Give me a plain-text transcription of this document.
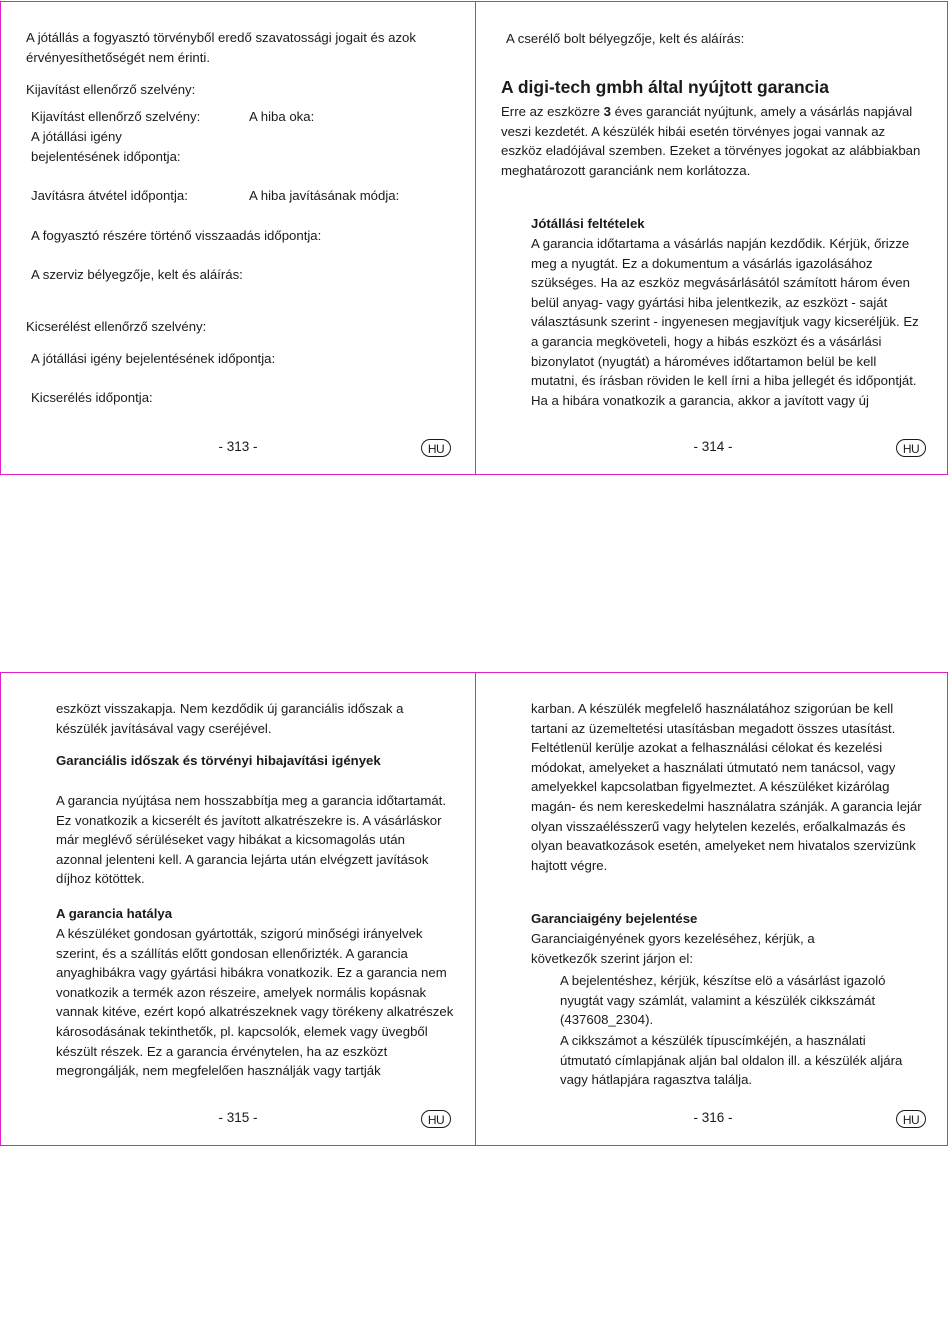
A jótállás a fogyasztó törvényből eredő szavatossági jogait és azok érvényesíthetőségét nem érinti.

Kijavítást ellenőrző szelvény:

Kijavítást ellenőrző szelvény:	A hiba oka:

A jótállási igény

bejelentésének időpontja:

Javításra átvétel időpontja:	A hiba javításának módja:

A fogyasztó részére történő visszaadás időpontja:

A szerviz bélyegzője, kelt és aláírás:

Kicserélést ellenőrző szelvény:

A jótállási igény bejelentésének időpontja:

Kicserélés időpontja:

- 313 -	HU

A cserélő bolt bélyegzője, kelt és aláírás:

A digi-tech gmbh által nyújtott garancia

Erre az eszközre 3 éves garanciát nyújtunk, amely a vásárlás napjával veszi kezdetét. A készülék hibái esetén törvényes jogai vannak az eszköz eladójával szemben. Ezeket a törvényes jogokat az alábbiakban meghatározott garanciánk nem korlátozza.

Jótállási feltételek

A garancia időtartama a vásárlás napján kezdődik. Kérjük, őrizze meg a nyugtát. Ez a dokumentum a vásárlás igazolásához szükséges. Ha az eszköz megvásárlásától számított három éven belül anyag- vagy gyártási hiba jelentkezik, az eszközt - saját választásunk szerint - ingyenesen megjavítjuk vagy kicseréljük. Ez a garancia megköveteli, hogy a hibás eszközt és a vásárlási bizonylatot (nyugtát) a hároméves időtartamon belül be kell mutatni, és írásban röviden le kell írni a hiba jellegét és időpontját. Ha a hibára vonatkozik a garancia, akkor a javított vagy új

- 314 -	HU

eszközt visszakapja. Nem kezdődik új garanciális időszak a készülék javításával vagy cseréjével.

Garanciális időszak és törvényi hibajavítási igények

A garancia nyújtása nem hosszabbítja meg a garancia időtartamát. Ez vonatkozik a kicserélt és javított alkatrészekre is. A vásárláskor már meglévő sérüléseket vagy hibákat a kicsomagolás után azonnal jelenteni kell. A garancia lejárta után elvégzett javítások díjhoz kötöttek.

A garancia hatálya

A készüléket gondosan gyártották, szigorú minőségi irányelvek szerint, és a szállítás előtt gondosan ellenőrizték. A garancia anyaghibákra vagy gyártási hibákra vonatkozik. Ez a garancia nem vonatkozik a termék azon részeire, amelyek normális kopásnak vannak kitéve, ezért kopó alkatrészeknek vagy törékeny alkatrészek károsodásának tekinthetők, pl. kapcsolók, elemek vagy üvegből készült részek. Ez a garancia érvénytelen, ha az eszközt megrongálják, nem megfelelően használják vagy tartják

- 315 -	HU

karban. A készülék megfelelő használatához szigorúan be kell tartani az üzemeltetési utasításban megadott összes utasítást. Feltétlenül kerülje azokat a felhasználási célokat és kezelési módokat, amelyeket a használati útmutató nem tanácsol, vagy amelyekkel kapcsolatban figyelmeztet. A készüléket kizárólag magán- és nem kereskedelmi használatra szánják. A garancia lejár olyan visszaélésszerű vagy helytelen kezelés, erőalkalmazás és olyan beavatkozások esetén, amelyeket nem hivatalos szervizünk hajtott végre.

Garanciaigény bejelentése

Garanciaigényének gyors kezeléséhez, kérjük, a következők szerint járjon el:

A bejelentéshez, kérjük, készítse elö a vásárlást igazoló nyugtát vagy számlát, valamint a készülék cikkszámát (437608_2304).

A cikkszámot a készülék típuscímkéjén, a használati útmutató címlapjának alján bal oldalon ill. a készülék aljára vagy hátlapjára ragasztva találja.

- 316 -	HU
